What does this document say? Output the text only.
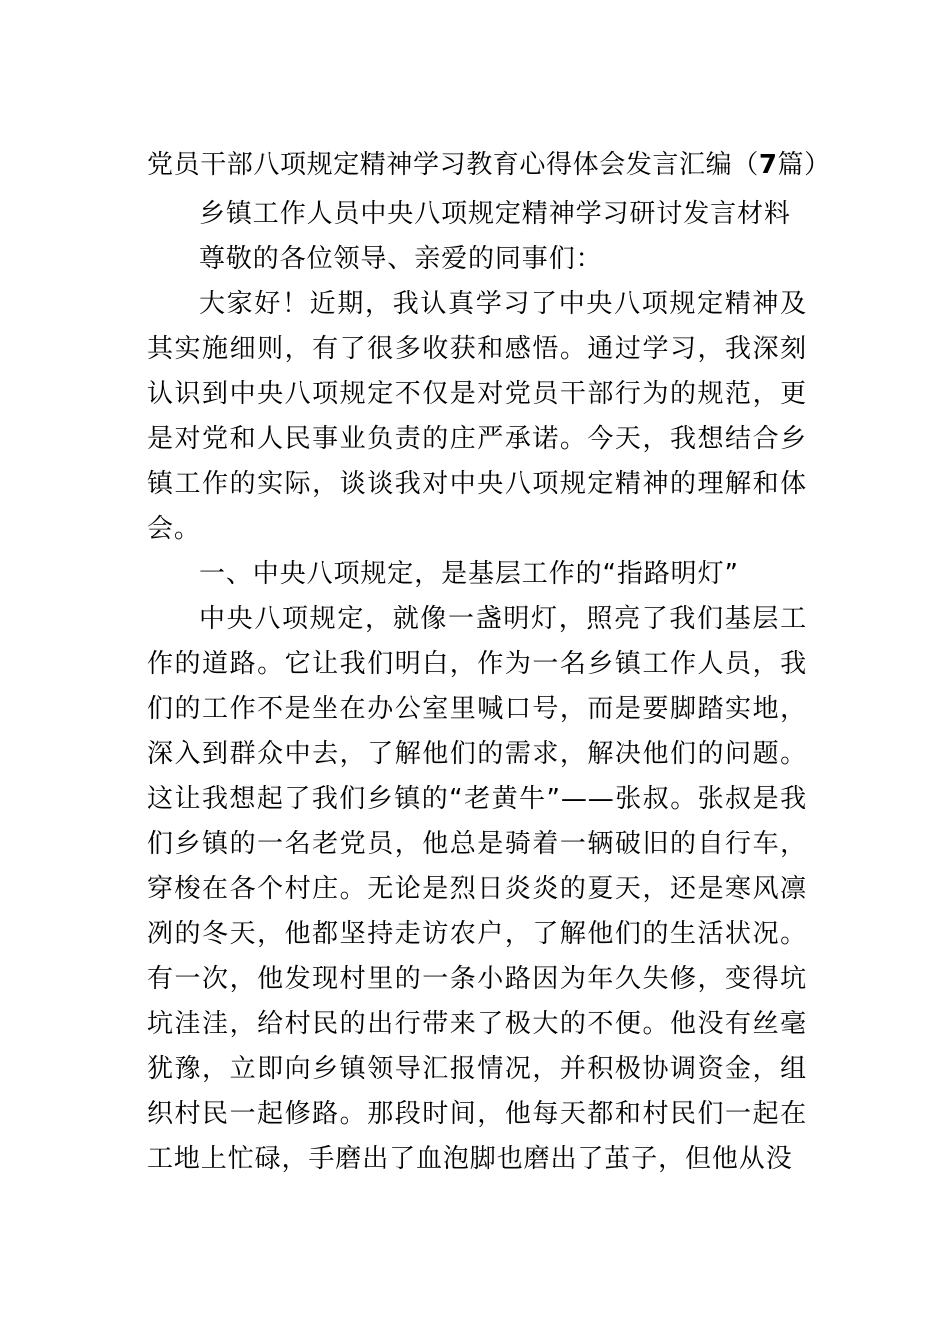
党员干部八项规定精神学习教育心得体会发言汇编（7篇）

乡镇工作人员中央八项规定精神学习研讨发言材料

尊敬的各位领导、亲爱的同事们：

大家好！近期，我认真学习了中央八项规定精神及其实施细则，有了很多收获和感悟。通过学习，我深刻认识到中央八项规定不仅是对党员干部行为的规范，更是对党和人民事业负责的庄严承诺。今天，我想结合乡镇工作的实际，谈谈我对中央八项规定精神的理解和体会。

一、中央八项规定，是基层工作的“指路明灯”

中央八项规定，就像一盏明灯，照亮了我们基层工作的道路。它让我们明白，作为一名乡镇工作人员，我们的工作不是坐在办公室里喊口号，而是要脚踏实地，深入到群众中去，了解他们的需求，解决他们的问题。这让我想起了我们乡镇的“老黄牛”——张叔。张叔是我们乡镇的一名老党员，他总是骑着一辆破旧的自行车，穿梭在各个村庄。无论是烈日炎炎的夏天，还是寒风凛冽的冬天，他都坚持走访农户，了解他们的生活状况。有一次，他发现村里的一条小路因为年久失修，变得坑坑洼洼，给村民的出行带来了极大的不便。他没有丝毫犹豫，立即向乡镇领导汇报情况，并积极协调资金，组织村民一起修路。那段时间，他每天都和村民们一起在工地上忙碌，手磨出了血泡脚也磨出了茧子，但他从没
